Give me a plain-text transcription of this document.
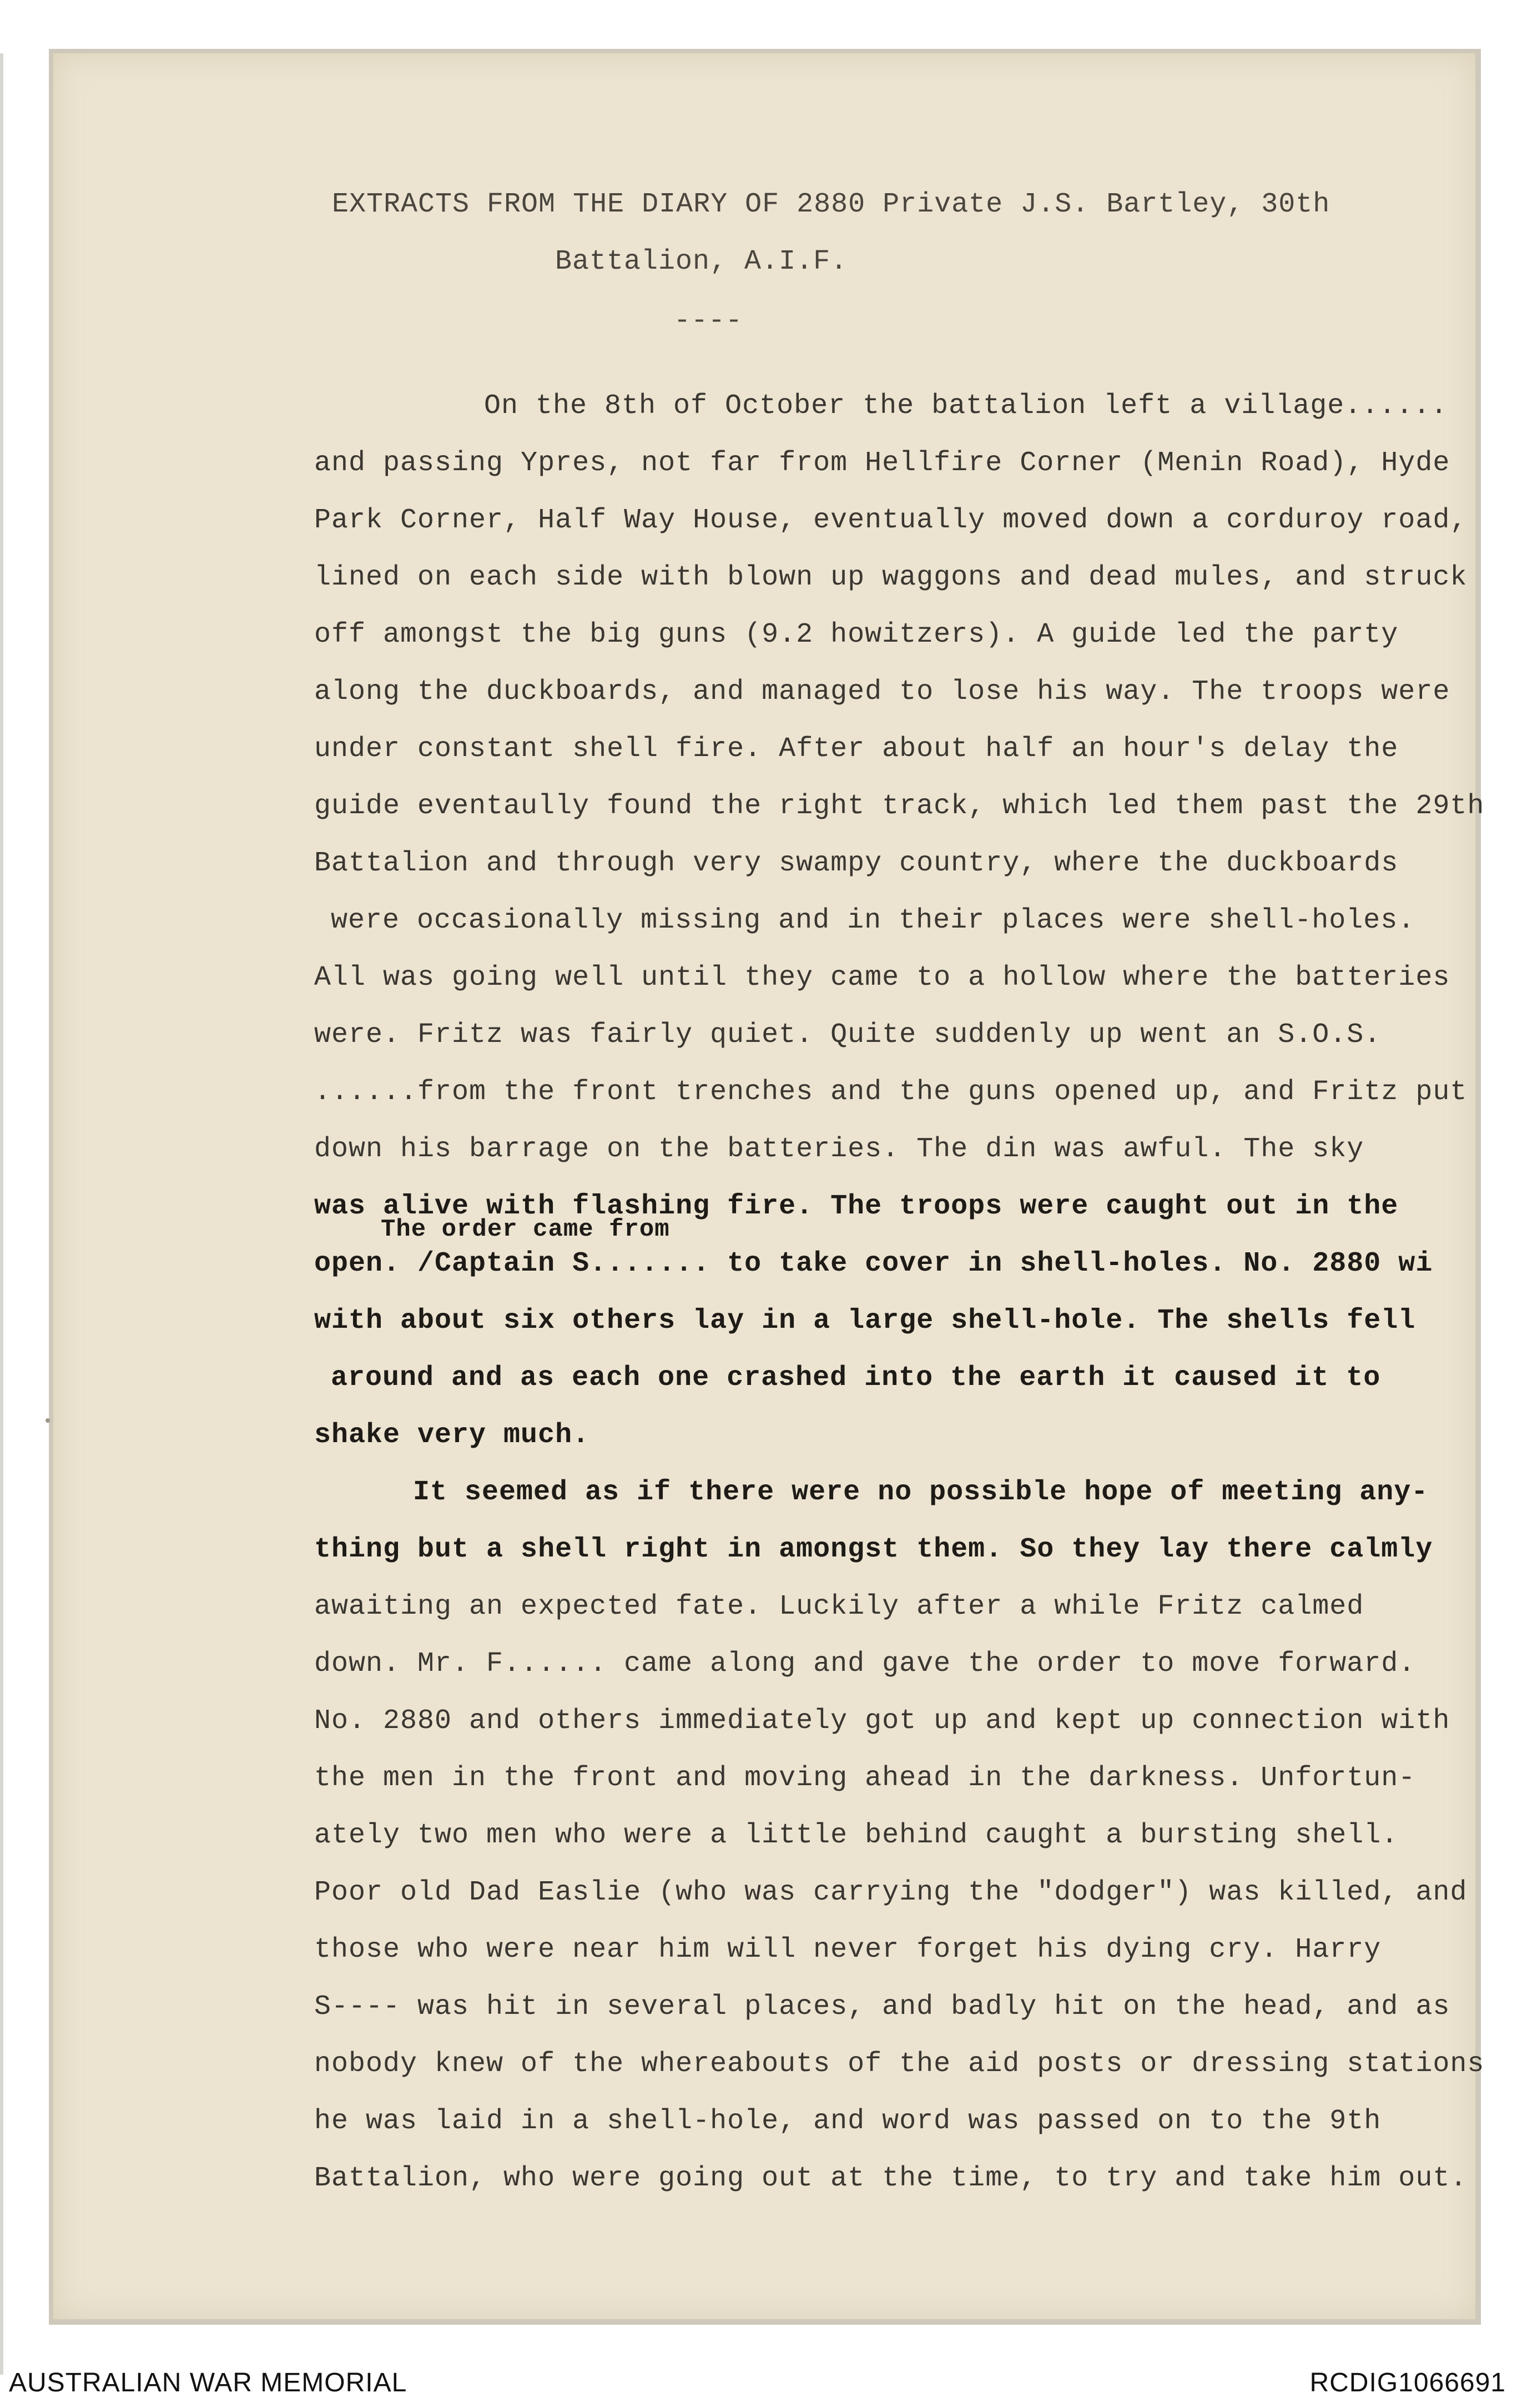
EXTRACTS FROM THE DIARY OF 2880 Private J.S. Bartley, 30th
Battalion, A.I.F.
----
On the 8th of October the battalion left a village......
and passing Ypres, not far from Hellfire Corner (Menin Road), Hyde
Park Corner, Half Way House, eventually moved down a corduroy road,
lined on each side with blown up waggons and dead mules, and struck
off amongst the big guns (9.2 howitzers). A guide led the party
along the duckboards, and managed to lose his way. The troops were
under constant shell fire. After about half an hour's delay the
guide eventaully found the right track, which led them past the 29th
Battalion and through very swampy country, where the duckboards
were occasionally missing and in their places were shell-holes.
All was going well until they came to a hollow where the batteries
were. Fritz was fairly quiet. Quite suddenly up went an S.O.S.
......from the front trenches and the guns opened up, and Fritz put
down his barrage on the batteries. The din was awful. The sky
was alive with flashing fire. The troops were caught out in the
The order came from
open. /Captain S....... to take cover in shell-holes. No. 2880 wi
with about six others lay in a large shell-hole. The shells fell
around and as each one crashed into the earth it caused it to
shake very much.
It seemed as if there were no possible hope of meeting any-
thing but a shell right in amongst them. So they lay there calmly
awaiting an expected fate. Luckily after a while Fritz calmed
down. Mr. F...... came along and gave the order to move forward.
No. 2880 and others immediately got up and kept up connection with
the men in the front and moving ahead in the darkness. Unfortun-
ately two men who were a little behind caught a bursting shell.
Poor old Dad Easlie (who was carrying the "dodger") was killed, and
those who were near him will never forget his dying cry. Harry
S---- was hit in several places, and badly hit on the head, and as
nobody knew of the whereabouts of the aid posts or dressing stations
he was laid in a shell-hole, and word was passed on to the 9th
Battalion, who were going out at the time, to try and take him out.
AUSTRALIAN WAR MEMORIAL	RCDIG1066691
